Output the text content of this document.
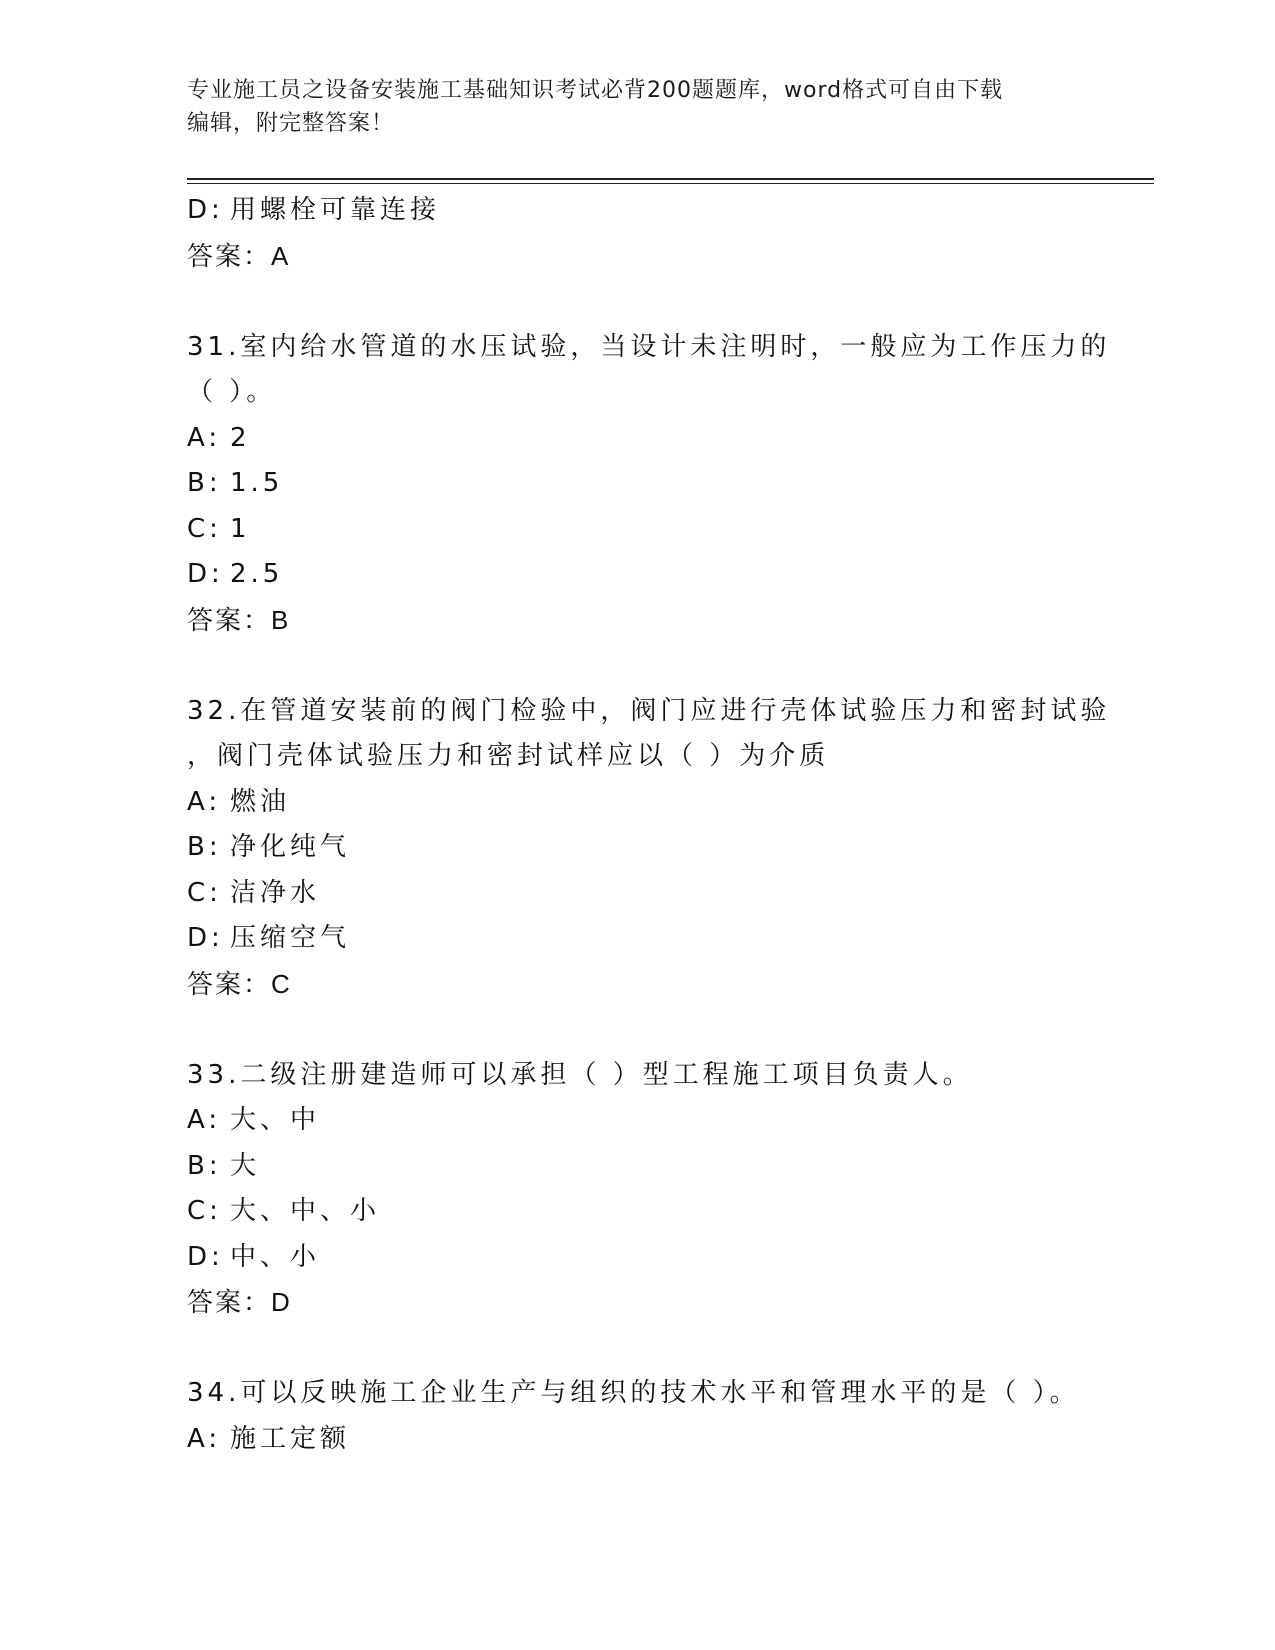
专业施工员之设备安装施工基础知识考试必背200题题库，word格式可自由下载
编辑，附完整答案！
D: 用螺栓可靠连接
答案：A
31.室内给水管道的水压试验，当设计未注明时，一般应为工作压力的
（ ）。
A: 2
B: 1.5
C: 1
D: 2.5
答案：B
32.在管道安装前的阀门检验中，阀门应进行壳体试验压力和密封试验
，阀门壳体试验压力和密封试样应以（ ）为介质
A: 燃油
B: 净化纯气
C: 洁净水
D: 压缩空气
答案：C
33.二级注册建造师可以承担（ ）型工程施工项目负责人。
A: 大、中
B: 大
C: 大、中、小
D: 中、小
答案：D
34.可以反映施工企业生产与组织的技术水平和管理水平的是（ ）。
A: 施工定额
